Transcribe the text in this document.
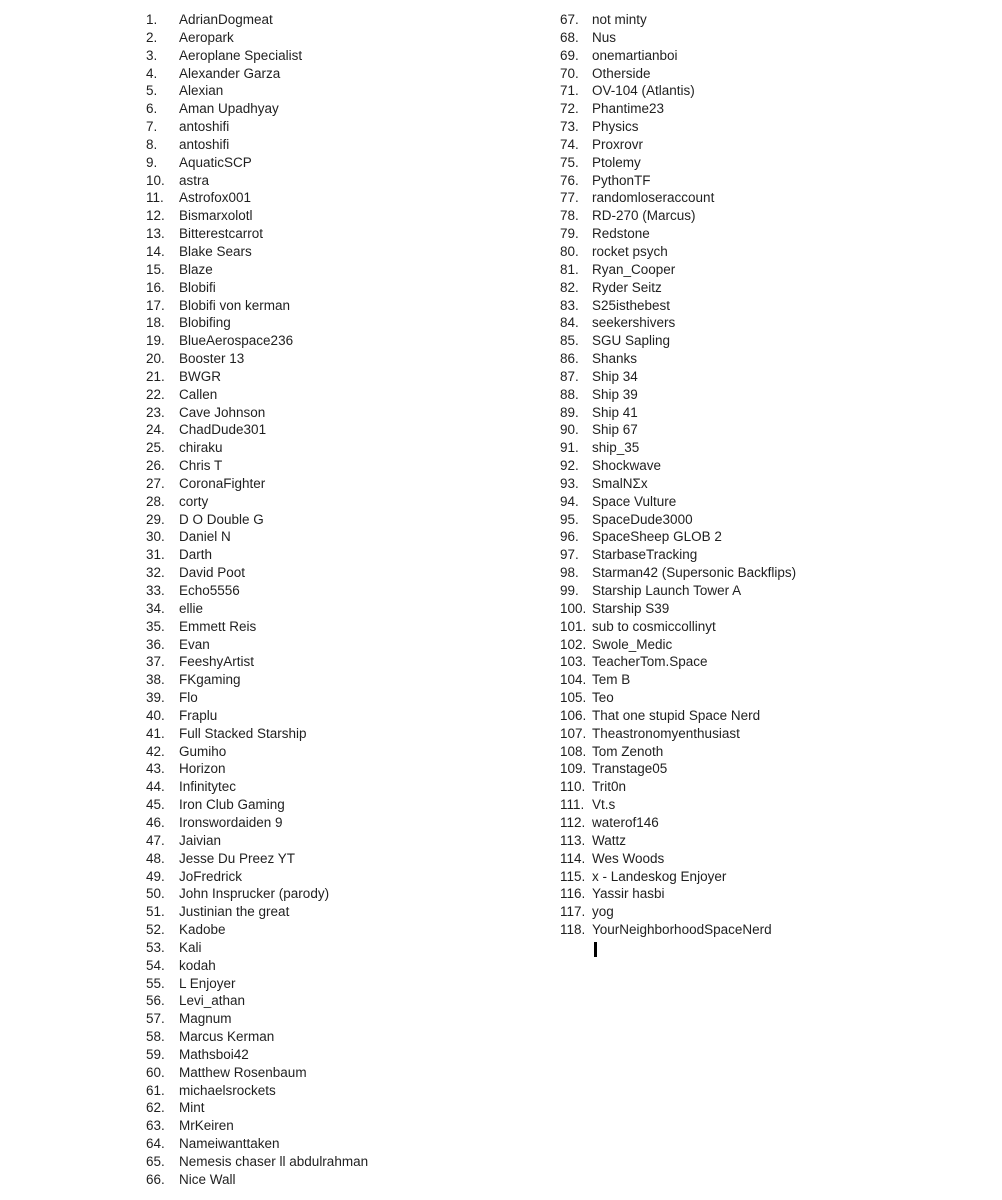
1. AdrianDogmeat
2. Aeropark
3. Aeroplane Specialist
4. Alexander Garza
5. Alexian
6. Aman Upadhyay
7. antoshifi
8. antoshifi
9. AquaticSCP
10. astra
11. Astrofox001
12. Bismarxolotl
13. Bitterestcarrot
14. Blake Sears
15. Blaze
16. Blobifi
17. Blobifi von kerman
18. Blobifing
19. BlueAerospace236
20. Booster 13
21. BWGR
22. Callen
23. Cave Johnson
24. ChadDude301
25. chiraku
26. Chris T
27. CoronaFighter
28. corty
29. D O Double G
30. Daniel N
31. Darth
32. David Poot
33. Echo5556
34. ellie
35. Emmett Reis
36. Evan
37. FeeshyArtist
38. FKgaming
39. Flo
40. Fraplu
41. Full Stacked Starship
42. Gumiho
43. Horizon
44. Infinitytec
45. Iron Club Gaming
46. Ironswordaiden 9
47. Jaivian
48. Jesse Du Preez YT
49. JoFredrick
50. John Insprucker (parody)
51. Justinian the great
52. Kadobe
53. Kali
54. kodah
55. L Enjoyer
56. Levi_athan
57. Magnum
58. Marcus Kerman
59. Mathsboi42
60. Matthew Rosenbaum
61. michaelsrockets
62. Mint
63. MrKeiren
64. Nameiwanttaken
65. Nemesis chaser ll abdulrahman
66. Nice Wall
67. not minty
68. Nus
69. onemartianboi
70. Otherside
71. OV-104 (Atlantis)
72. Phantime23
73. Physics
74. Proxrovr
75. Ptolemy
76. PythonTF
77. randomloseraccount
78. RD-270 (Marcus)
79. Redstone
80. rocket psych
81. Ryan_Cooper
82. Ryder Seitz
83. S25isthebest
84. seekershivers
85. SGU Sapling
86. Shanks
87. Ship 34
88. Ship 39
89. Ship 41
90. Ship 67
91. ship_35
92. Shockwave
93. SmalNΣx
94. Space Vulture
95. SpaceDude3000
96. SpaceSheep GLOB 2
97. StarbaseTracking
98. Starman42 (Supersonic Backflips)
99. Starship Launch Tower A
100. Starship S39
101. sub to cosmiccollinyt
102. Swole_Medic
103. TeacherTom.Space
104. Tem B
105. Teo
106. That one stupid Space Nerd
107. Theastronomyenthusiast
108. Tom Zenoth
109. Transtage05
110. Trit0n
111. Vt.s
112. waterof146
113. Wattz
114. Wes Woods
115. x - Landeskog Enjoyer
116. Yassir hasbi
117. yog
118. YourNeighborhoodSpaceNerd
